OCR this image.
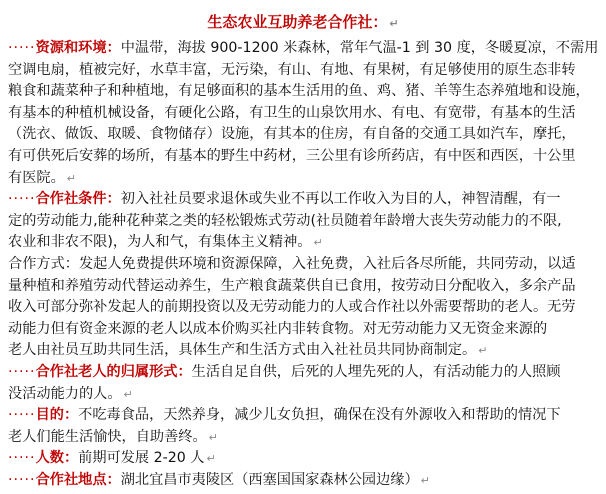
生态农业互助养老合作社： ↵
·····资源和环境：中温带，海拔 900-1200 米森林，常年气温-1 到 30 度，冬暖夏凉，不需用
空调电扇，植被完好，水草丰富，无污染，有山、有地、有果树，有足够使用的原生态非转
粮食和蔬菜种子和种植地，有足够面积的基本生活用的鱼、鸡、猪、羊等生态养殖地和设施，
有基本的种植机械设备，有硬化公路，有卫生的山泉饮用水、有电、有宽带，有基本的生活
（洗衣、做饭、取暖、食物储存）设施，有其本的住房，有自备的交通工具如汽车，摩托，
有可供死后安葬的场所，有基本的野生中药材，三公里有诊所药店，有中医和西医，十公里
有医院。 ↵
·····合作社条件：初入社社员要求退休或失业不再以工作收入为目的人，神智清醒，有一
定的劳动能力,能种花种菜之类的轻松锻炼式劳动(社员随着年龄增大丧失劳动能力的不限,
农业和非农不限)，为人和气，有集体主义精神。 ↵
合作方式：发起人免费提供环境和资源保障，入社免费，入社后各尽所能，共同劳动，以适
量种植和养殖劳动代替运动养生，生产粮食蔬菜供自已食用，按劳动日分配收入，多余产品
收入可部分弥补发起人的前期投资以及无劳动能力的人或合作社以外需要帮助的老人。无劳
动能力但有资金来源的老人以成本价购买社内非转食物。对无劳动能力又无资金来源的
老人由社员互助共同生活，具体生产和生活方式由入社社员共同协商制定。 ↵
·····合作社老人的归属形式：生活自足自供，后死的人埋先死的人，有活动能力的人照顾
没活动能力的人。 ↵
·····目的：不吃毒食品，天然养身，减少儿女负担，确保在没有外源收入和帮助的情况下
老人们能生活愉快，自助善终。 ↵
·····人数：前期可发展 2-20 人 ↵
·····合作社地点：湖北宜昌市夷陵区（西塞国国家森林公园边缘） ↵
